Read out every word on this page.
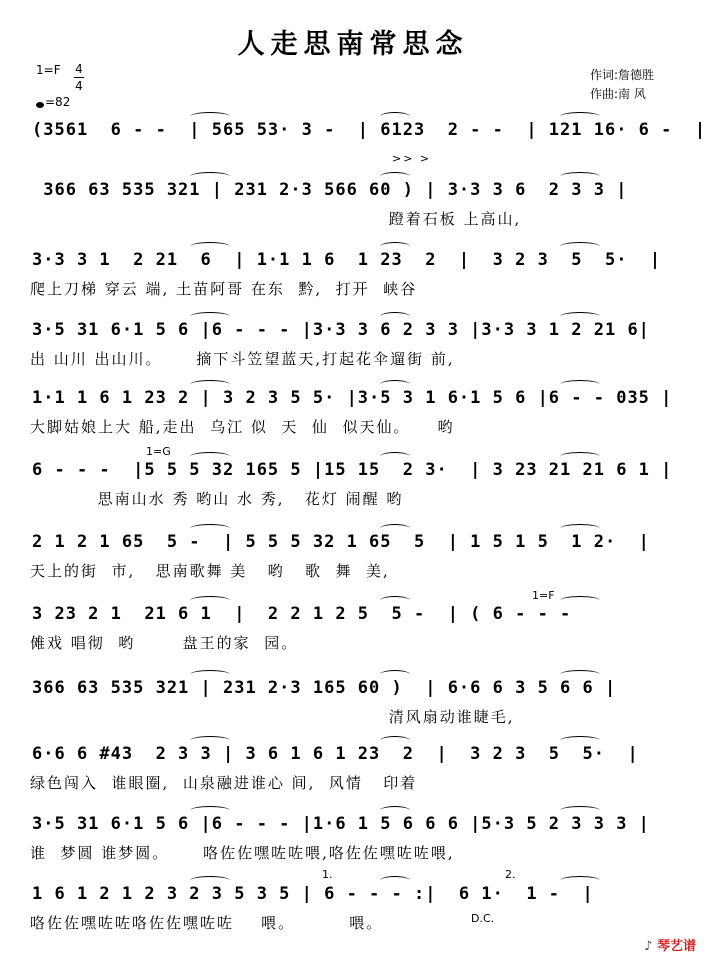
人走思南常思念
1=F 4
4
=82
作词:詹德胜
作曲:南 风
(3561  6 - -  | 565 53· 3 -  | 6123  2 - -  | 121 16· 6 -  |
366 63 535 321 | 231 2·3 566 60 ) | 3·3 3 6  2 3 3 |
蹬着石板 上高山,
3·3 3 1  2 21  6  | 1·1 1 6  1 23  2  |  3 2 3  5  5·  |
爬上刀梯 穿云 端, 土苗阿哥 在东  黔,  打开  峡谷
3·5 31 6·1 5 6 |6 - - - |3·3 3 6 2 3 3 |3·3 3 1 2 21 6|
出 山川 出山川。     摘下斗笠望蓝天,打起花伞遛街 前,
1·1 1 6 1 23 2 | 3 2 3 5 5· |3·5 3 1 6·1 5 6 |6 - - 035 |
大脚姑娘上大 船,走出  乌江 似  天  仙  似天仙。    哟
6 - - -  |5 5 5 32 165 5 |15 15  2 3·  | 3 23 21 21 6 1 |
思南山水 秀 哟山 水 秀,   花灯 闹醒 哟
2 1 2 1 65  5 -  | 5 5 5 32 1 65  5  | 1 5 1 5  1 2·  |
天上的街  市,   思南歌舞 美   哟   歌  舞  美,
3 23 2 1  21 6 1  |  2 2 1 2 5  5 -  | ( 6 - - -
傩戏 唱彻  哟       盘王的家  园。
366 63 535 321 | 231 2·3 165 60 )  | 6·6 6 3 5 6 6 |
清风扇动谁睫毛,
6·6 6 #43  2 3 3 | 3 6 1 6 1 23  2  |  3 2 3  5  5·  |
绿色闯入  谁眼圈,  山泉融进谁心 间,  风情   印着
3·5 31 6·1 5 6 |6 - - - |1·6 1 5 6 6 6 |5·3 5 2 3 3 3 |
谁  梦圆 谁梦圆。     咯佐佐嘿咗咗喂,咯佐佐嘿咗咗喂,
1 6 1 2 1 2 3 2 3 5 3 5 | 6 - - - :|  6 1·  1 -  |
咯佐佐嘿咗咗咯佐佐嘿咗咗    喂。        喂。
>> >
1=G
1=F
1.	2.
D.C.
♪ 琴艺谱
